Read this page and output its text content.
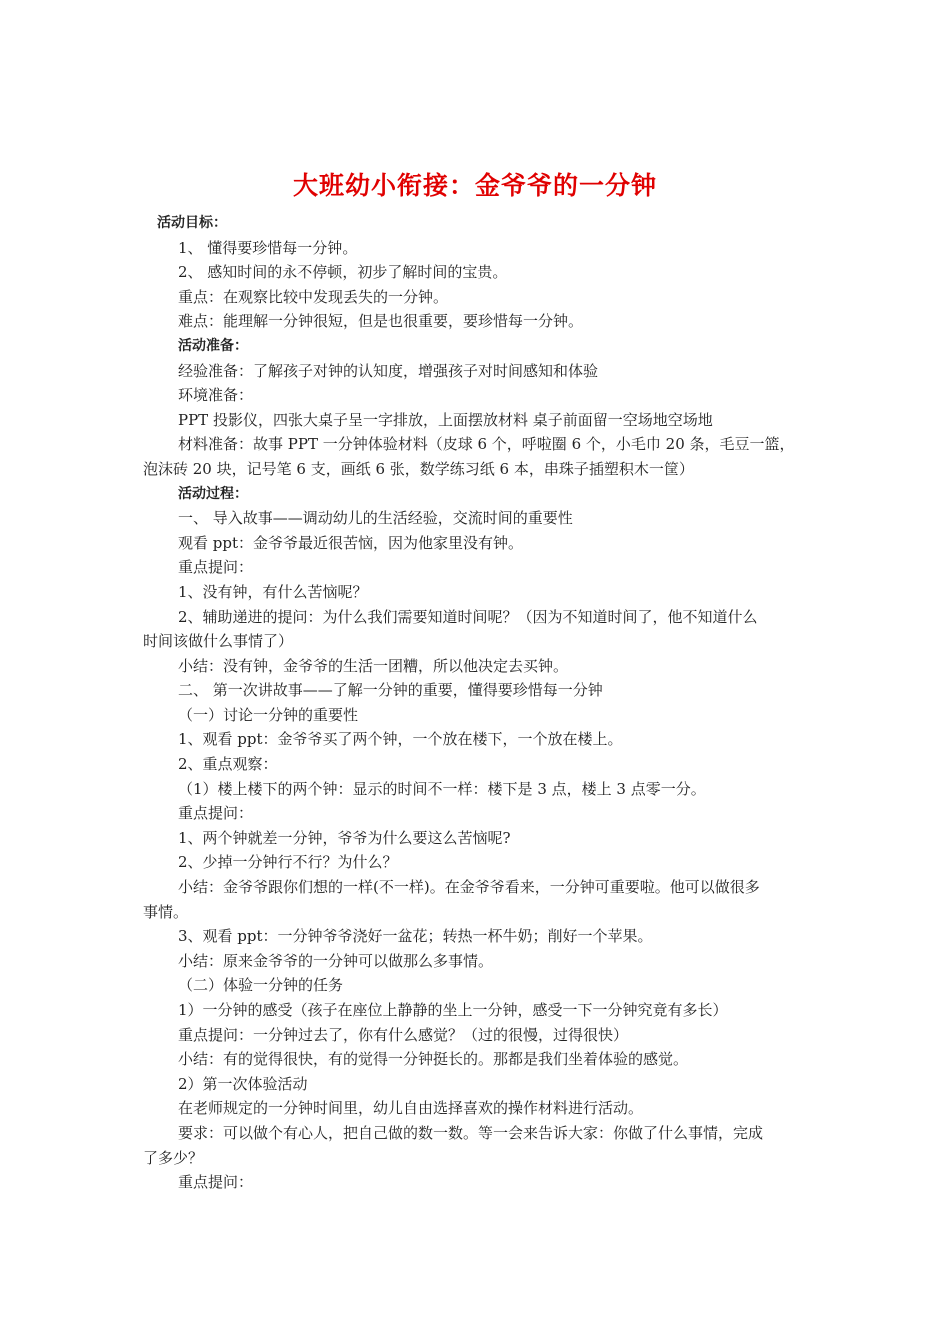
大班幼小衔接：金爷爷的一分钟
活动目标：
1、 懂得要珍惜每一分钟。
2、 感知时间的永不停顿，初步了解时间的宝贵。
重点：在观察比较中发现丢失的一分钟。
难点：能理解一分钟很短，但是也很重要，要珍惜每一分钟。
活动准备：
经验准备：了解孩子对钟的认知度，增强孩子对时间感知和体验
环境准备：
PPT 投影仪，四张大桌子呈一字排放，上面摆放材料 桌子前面留一空场地空场地
材料准备：故事 PPT 一分钟体验材料（皮球 6 个，呼啦圈 6 个，小毛巾 20 条，毛豆一篮，
泡沫砖 20 块，记号笔 6 支，画纸 6 张，数学练习纸 6 本，串珠子插塑积木一筐）
活动过程：
一、 导入故事——调动幼儿的生活经验，交流时间的重要性
观看 ppt：金爷爷最近很苦恼，因为他家里没有钟。
重点提问：
1、没有钟，有什么苦恼呢？
2、辅助递进的提问：为什么我们需要知道时间呢？（因为不知道时间了，他不知道什么
时间该做什么事情了）
小结：没有钟，金爷爷的生活一团糟，所以他决定去买钟。
二、 第一次讲故事——了解一分钟的重要，懂得要珍惜每一分钟
（一）讨论一分钟的重要性
1、观看 ppt：金爷爷买了两个钟，一个放在楼下，一个放在楼上。
2、重点观察：
（1）楼上楼下的两个钟：显示的时间不一样：楼下是 3 点，楼上 3 点零一分。
重点提问：
1、两个钟就差一分钟，爷爷为什么要这么苦恼呢?
2、少掉一分钟行不行？为什么？
小结：金爷爷跟你们想的一样(不一样)。在金爷爷看来，一分钟可重要啦。他可以做很多
事情。
3、观看 ppt：一分钟爷爷浇好一盆花；转热一杯牛奶；削好一个苹果。
小结：原来金爷爷的一分钟可以做那么多事情。
（二）体验一分钟的任务
1）一分钟的感受（孩子在座位上静静的坐上一分钟，感受一下一分钟究竟有多长）
重点提问：一分钟过去了，你有什么感觉？（过的很慢，过得很快）
小结：有的觉得很快，有的觉得一分钟挺长的。那都是我们坐着体验的感觉。
2）第一次体验活动
在老师规定的一分钟时间里，幼儿自由选择喜欢的操作材料进行活动。
要求：可以做个有心人，把自己做的数一数。等一会来告诉大家：你做了什么事情，完成
了多少？
重点提问：
